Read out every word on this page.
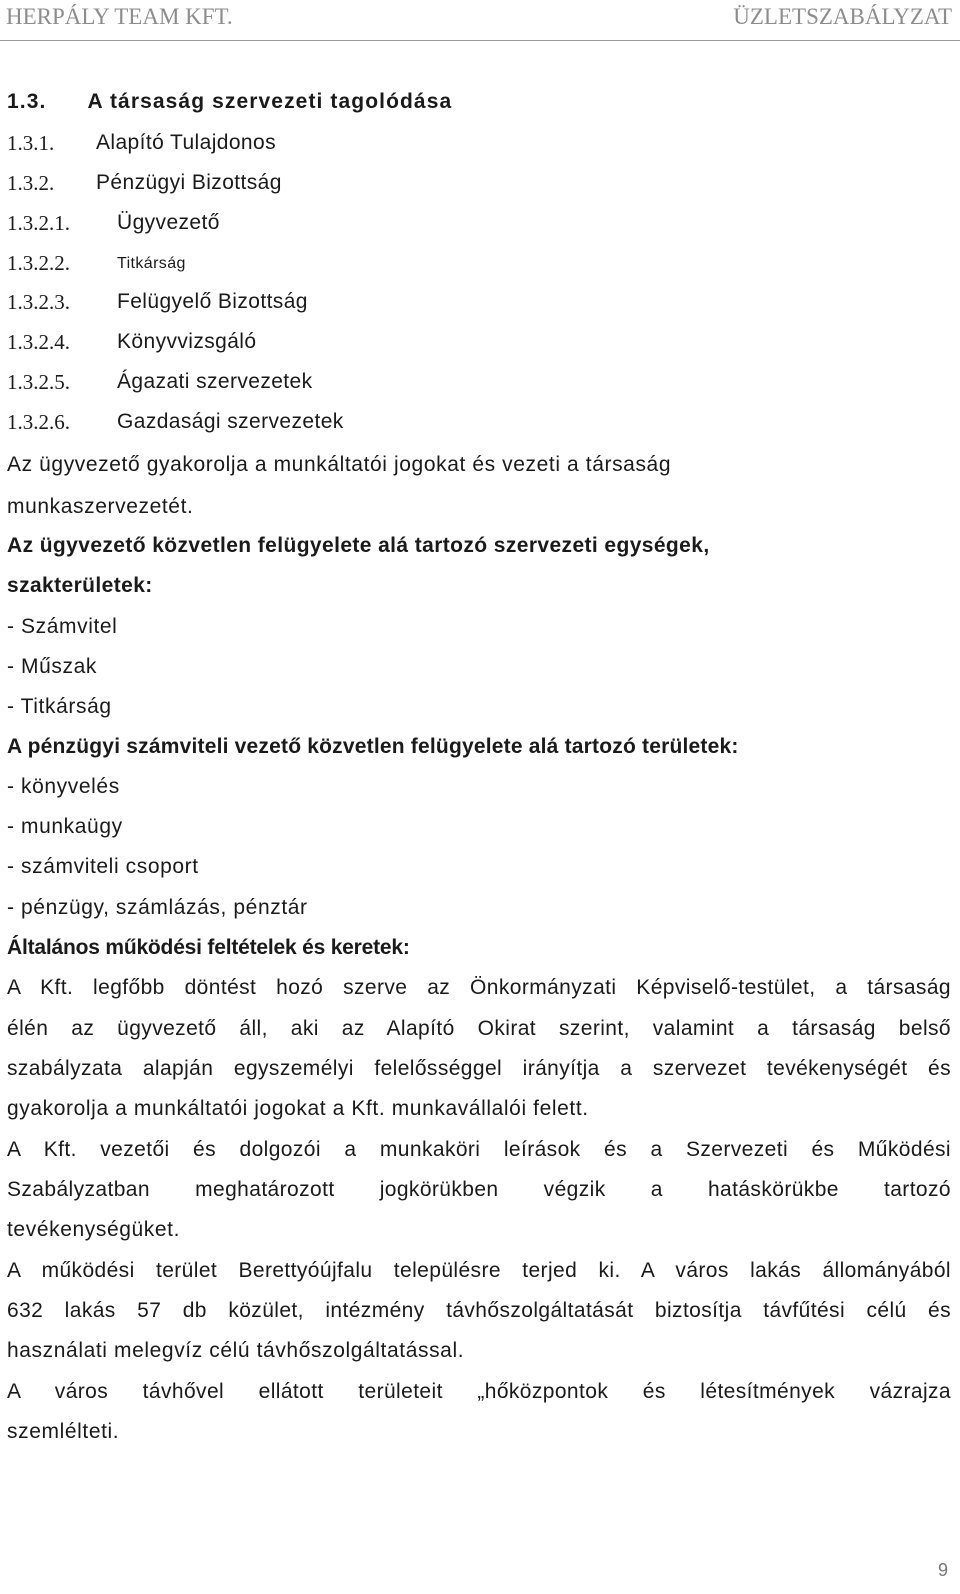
HERPÁLY TEAM KFT.	ÜZLETSZABÁLYZAT
1.3. A társaság szervezeti tagolódása
1.3.1. Alapító Tulajdonos
1.3.2. Pénzügyi Bizottság
1.3.2.1. Ügyvezető
1.3.2.2.	Titkárság
1.3.2.3. Felügyelő Bizottság
1.3.2.4. Könyvvizsgáló
1.3.2.5. Ágazati szervezetek
1.3.2.6. Gazdasági szervezetek
Az ügyvezető gyakorolja a munkáltatói jogokat és vezeti a társaság
munkaszervezetét.
Az ügyvezető közvetlen felügyelete alá tartozó szervezeti egységek,
szakterületek:
- Számvitel
- Műszak
- Titkárság
A pénzügyi számviteli vezető közvetlen felügyelete alá tartozó területek:
- könyvelés
- munkaügy
- számviteli csoport
- pénzügy, számlázás, pénztár
Általános működési feltételek és keretek:
A Kft. legfőbb döntést hozó szerve az Önkormányzati Képviselő-testület, a társaság
élén az ügyvezető áll, aki az Alapító Okirat szerint, valamint a társaság belső
szabályzata alapján egyszemélyi felelősséggel irányítja a szervezet tevékenységét és
gyakorolja a munkáltatói jogokat a Kft. munkavállalói felett.
A Kft. vezetői és dolgozói a munkaköri leírások és a Szervezeti és Működési
Szabályzatban meghatározott jogkörükben végzik a hatáskörükbe tartozó
tevékenységüket.
A működési terület Berettyóújfalu településre terjed ki. A város lakás állományából
632 lakás 57 db közület, intézmény távhőszolgáltatását biztosítja távfűtési célú és
használati melegvíz célú távhőszolgáltatással.
A város távhővel ellátott területeit „hőközpontok és létesítmények vázrajza
szemlélteti.
9
